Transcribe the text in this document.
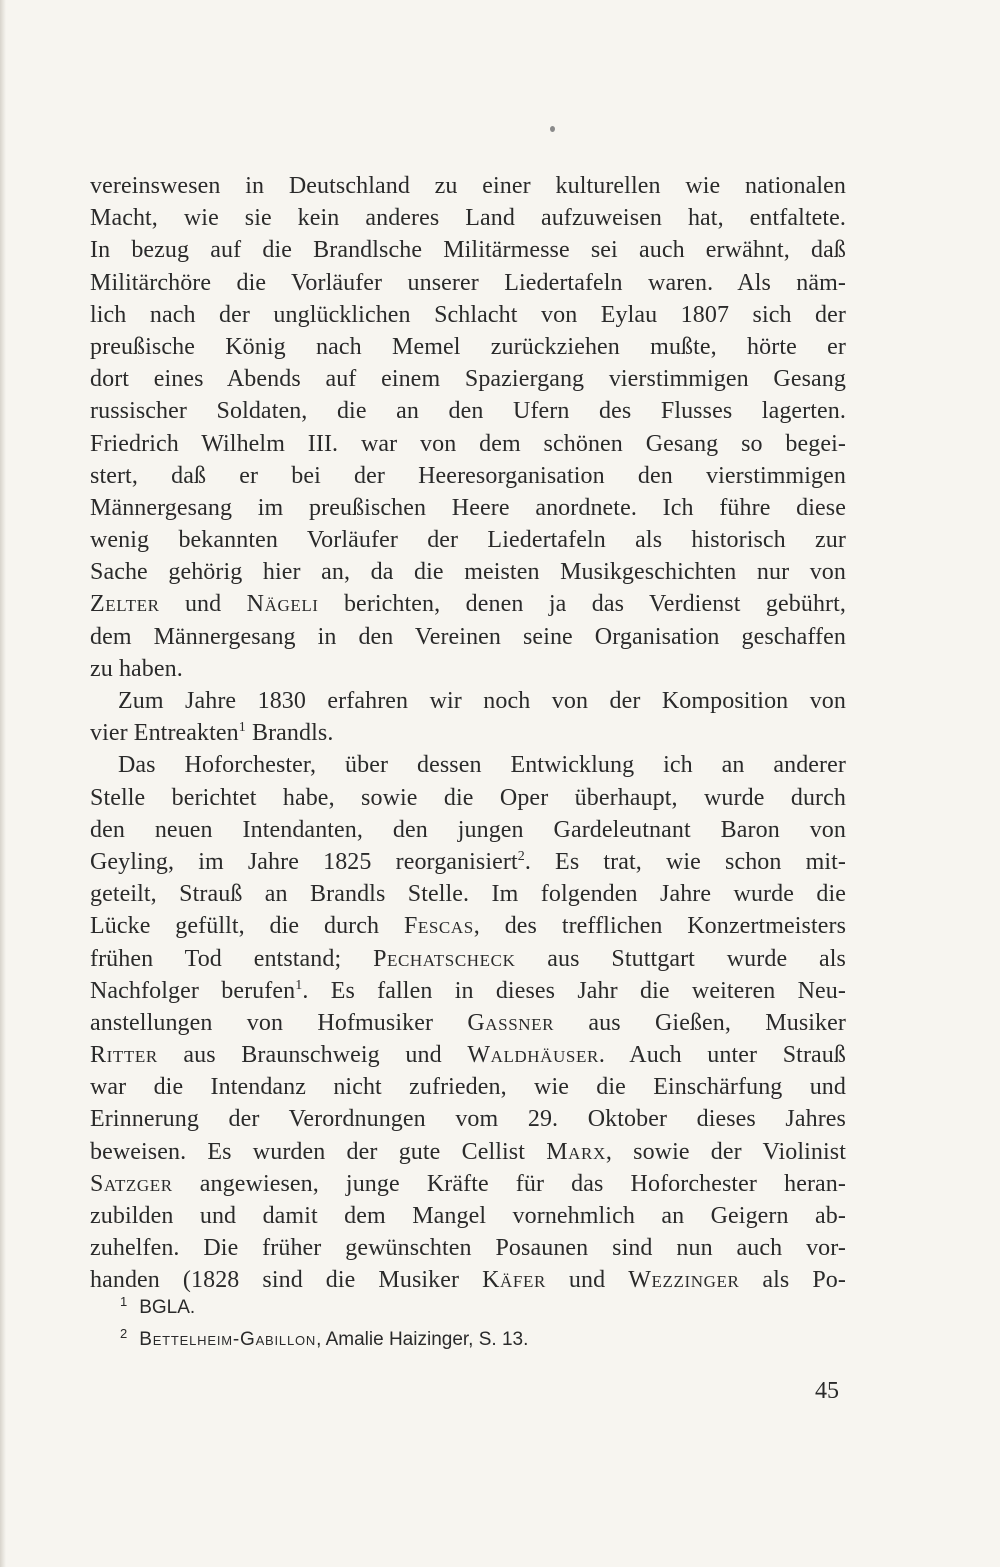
vereinswesen in Deutschland zu einer kulturellen wie nationalen
Macht, wie sie kein anderes Land aufzuweisen hat, entfaltete.
In bezug auf die Brandlsche Militärmesse sei auch erwähnt, daß
Militärchöre die Vorläufer unserer Liedertafeln waren. Als näm-
lich nach der unglücklichen Schlacht von Eylau 1807 sich der
preußische König nach Memel zurückziehen mußte, hörte er
dort eines Abends auf einem Spaziergang vierstimmigen Gesang
russischer Soldaten, die an den Ufern des Flusses lagerten.
Friedrich Wilhelm III. war von dem schönen Gesang so begei-
stert, daß er bei der Heeresorganisation den vierstimmigen
Männergesang im preußischen Heere anordnete. Ich führe diese
wenig bekannten Vorläufer der Liedertafeln als historisch zur
Sache gehörig hier an, da die meisten Musikgeschichten nur von
Zelter und Nägeli berichten, denen ja das Verdienst gebührt,
dem Männergesang in den Vereinen seine Organisation geschaffen
zu haben.
Zum Jahre 1830 erfahren wir noch von der Komposition von
vier Entreakten$^1$ Brandls.
Das Hoforchester, über dessen Entwicklung ich an anderer
Stelle berichtet habe, sowie die Oper überhaupt, wurde durch
den neuen Intendanten, den jungen Gardeleutnant Baron von
Geyling, im Jahre 1825 reorganisiert$^2$. Es trat, wie schon mit-
geteilt, Strauß an Brandls Stelle. Im folgenden Jahre wurde die
Lücke gefüllt, die durch Fescas, des trefflichen Konzertmeisters
frühen Tod entstand; Pechatscheck aus Stuttgart wurde als
Nachfolger berufen$^1$. Es fallen in dieses Jahr die weiteren Neu-
anstellungen von Hofmusiker Gassner aus Gießen, Musiker
Ritter aus Braunschweig und Waldhäuser. Auch unter Strauß
war die Intendanz nicht zufrieden, wie die Einschärfung und
Erinnerung der Verordnungen vom 29. Oktober dieses Jahres
beweisen. Es wurden der gute Cellist Marx, sowie der Violinist
Satzger angewiesen, junge Kräfte für das Hoforchester heran-
zubilden und damit dem Mangel vornehmlich an Geigern ab-
zuhelfen. Die früher gewünschten Posaunen sind nun auch vor-
handen (1828 sind die Musiker Käfer und Wezzinger als Po-
$^1$ BGLA.
$^2$ Bettelheim-Gabillon, Amalie Haizinger, S. 13.
45
